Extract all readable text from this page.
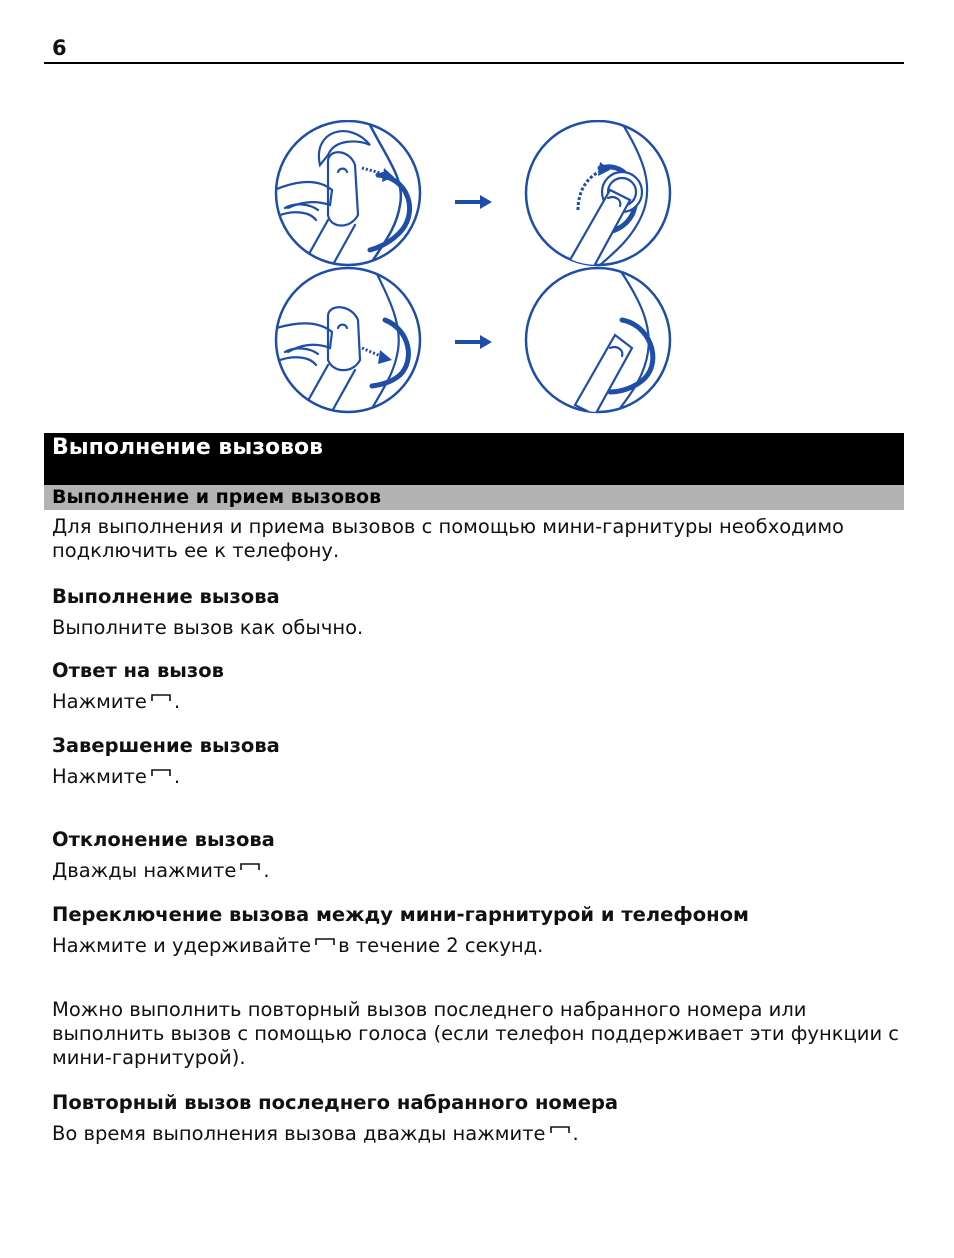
6
Выполнение вызовов
Выполнение и прием вызовов

Для выполнения и приема вызовов с помощью мини-гарнитуры необходимо подключить ее к телефону.

Выполнение вызова

Выполните вызов как обычно.

Ответ на вызов

Нажмите .

Завершение вызова

Нажмите .

Отклонение вызова

Дважды нажмите .

Переключение вызова между мини-гарнитурой и телефоном

Нажмите и удерживайте в течение 2 секунд.

Можно выполнить повторный вызов последнего набранного номера или выполнить вызов с помощью голоса (если телефон поддерживает эти функции с мини-гарнитурой).

Повторный вызов последнего набранного номера

Во время выполнения вызова дважды нажмите .
